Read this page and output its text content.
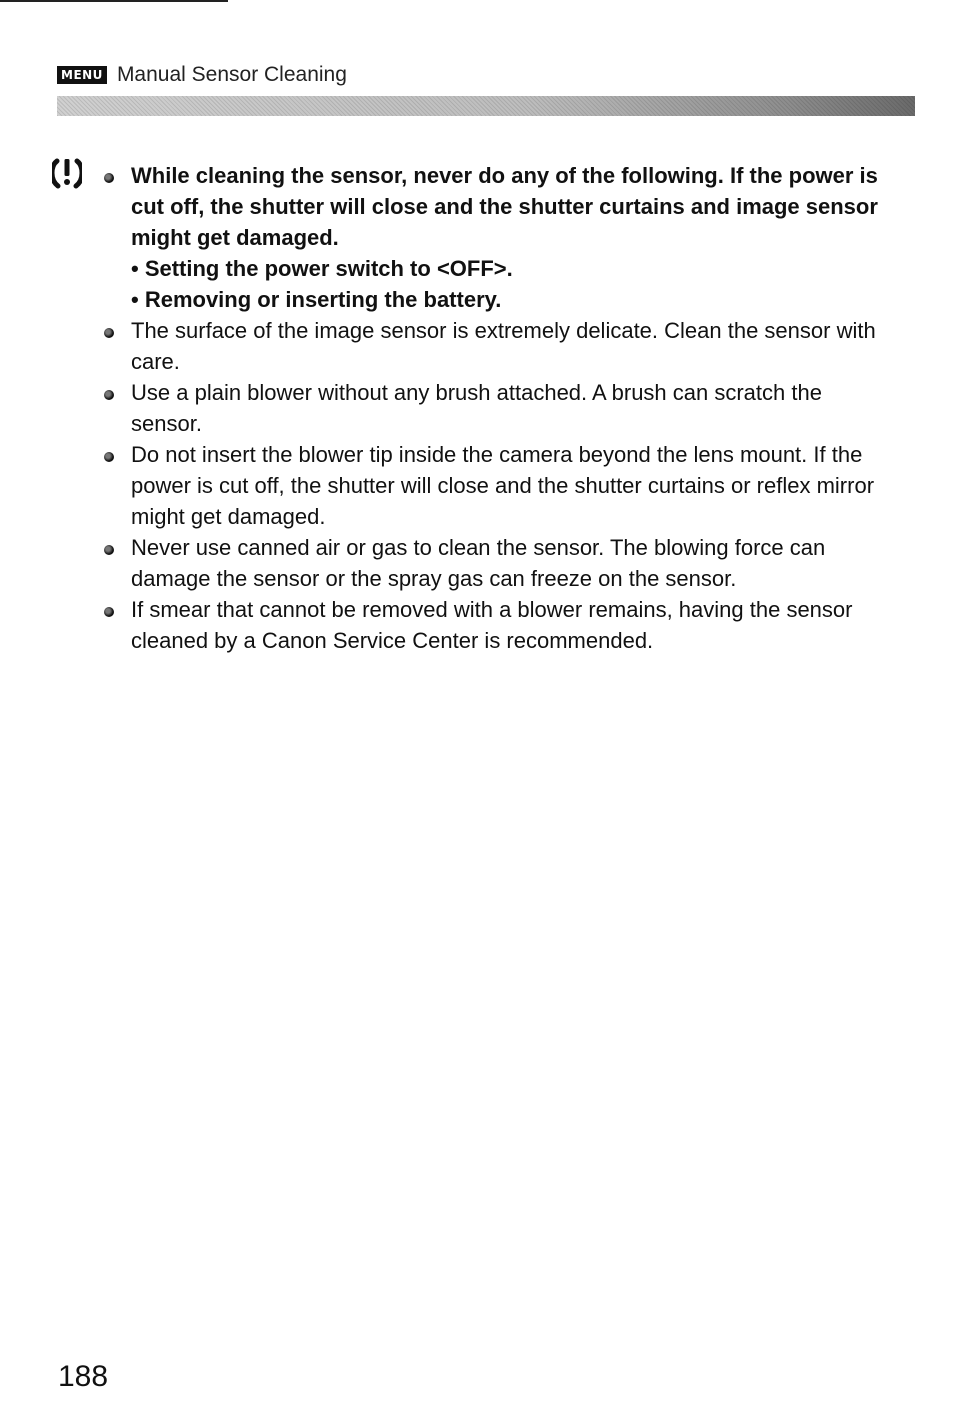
MENU Manual Sensor Cleaning
While cleaning the sensor, never do any of the following. If the power is cut off, the shutter will close and the shutter curtains and image sensor might get damaged.
• Setting the power switch to <OFF>.
• Removing or inserting the battery.
The surface of the image sensor is extremely delicate. Clean the sensor with care.
Use a plain blower without any brush attached. A brush can scratch the sensor.
Do not insert the blower tip inside the camera beyond the lens mount. If the power is cut off, the shutter will close and the shutter curtains or reflex mirror might get damaged.
Never use canned air or gas to clean the sensor. The blowing force can damage the sensor or the spray gas can freeze on the sensor.
If smear that cannot be removed with a blower remains, having the sensor cleaned by a Canon Service Center is recommended.
188
